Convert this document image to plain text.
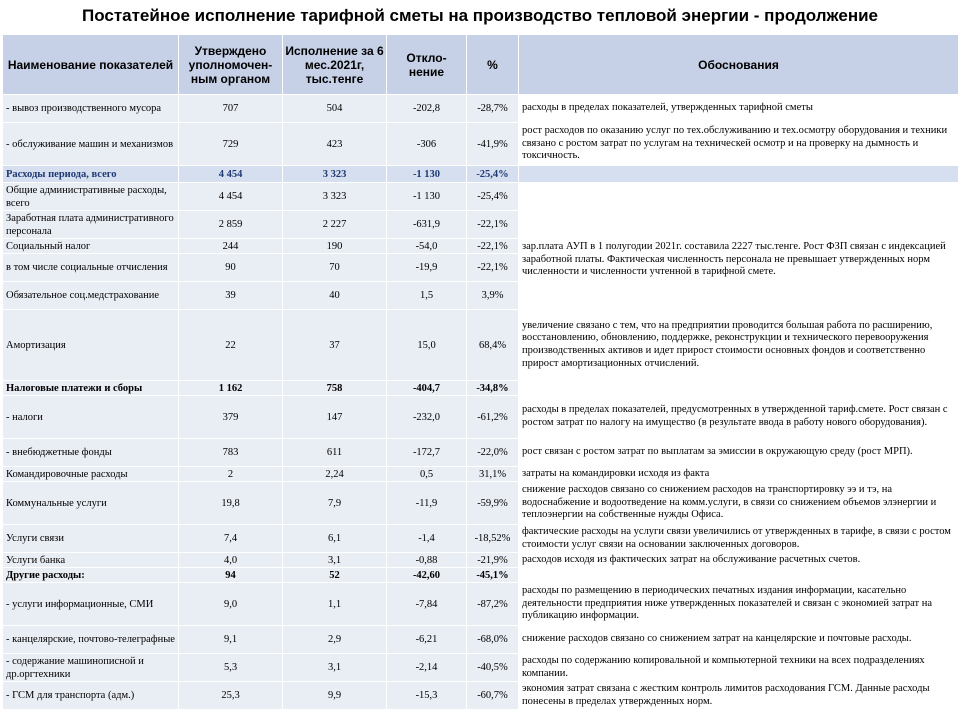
Постатейное исполнение тарифной сметы на производство тепловой энергии - продолжение
Наименование показателей	Утверждено уполномочен-ным органом	Исполнение за 6 мес.2021г, тыс.тенге	Откло-нение	%	Обоснования
- вывоз производственного мусора	707	504	-202,8	-28,7%	расходы в пределах показателей, утвержденных тарифной сметы
- обслуживание машин и механизмов	729	423	-306	-41,9%	рост расходов по оказанию услуг по тех.обслуживанию и тех.осмотру оборудования и техники связано с ростом затрат по услугам на техническей осмотр и на проверку на дымность и токсичность.
Расходы периода, всего	4 454	3 323	-1 130	-25,4%	
Общие административные расходы, всего	4 454	3 323	-1 130	-25,4%	
Заработная плата административного персонала	2 859	2 227	-631,9	-22,1%	зар.плата АУП в 1 полугодии 2021г. составила 2227 тыс.тенге. Рост ФЗП связан с индексацией заработной платы. Фактическая численность персонала не превышает утвержденных норм численности и численности учтенной в тарифной смете.
Социальный налог	244	190	-54,0	-22,1%	
в том числе социальные отчисления	90	70	-19,9	-22,1%	
Обязательное соц.медстрахование	39	40	1,5	3,9%	
Амортизация	22	37	15,0	68,4%	увеличение связано с тем, что на предприятии проводится большая работа по расширению, восстановлению, обновлению, поддержке, реконструкции и технического перевооружения производственных активов и идет прирост стоимости основных фондов и соответственно прирост амортизационных отчислений.
Налоговые платежи и сборы	1 162	758	-404,7	-34,8%	
- налоги	379	147	-232,0	-61,2%	расходы в пределах показателей, предусмотренных в утвержденной тариф.смете. Рост связан с ростом затрат по налогу на имущество (в результате ввода в работу нового оборудования).
- внебюджетные фонды	783	611	-172,7	-22,0%	рост связан с ростом затрат по выплатам за эмиссии в окружающую среду (рост МРП).
Командировочные расходы	2	2,24	0,5	31,1%	затраты на командировки исходя из факта
Коммунальные услуги	19,8	7,9	-11,9	-59,9%	снижение расходов связано со снижением расходов на транспортировку ээ и тэ, на водоснабжение и водоотведение на комм.услуги, в связи со снижением объемов элэнергии и теплоэнергии на собственные нужды Офиса.
Услуги связи	7,4	6,1	-1,4	-18,52%	фактические расходы на услуги связи увеличились от утвержденных в тарифе, в связи с ростом стоимости услуг связи на основании заключенных договоров.
Услуги банка	4,0	3,1	-0,88	-21,9%	расходов исходя из фактических затрат на обслуживание расчетных счетов.
Другие расходы:	94	52	-42,60	-45,1%	
- услуги информационные, СМИ	9,0	1,1	-7,84	-87,2%	расходы по размещению в периодических печатных издания информации, касательно деятельности предприятия ниже утвержденных показателей и связан с экономией затрат на публикацию информации.
- канцелярские, почтово-телеграфные	9,1	2,9	-6,21	-68,0%	снижение расходов связано со снижением затрат на канцелярские и почтовые расходы.
- содержание машинописной и др.оргтехники	5,3	3,1	-2,14	-40,5%	расходы по содержанию копировальной и компьютерной техники на всех подразделениях компании.
- ГСМ для транспорта (адм.)	25,3	9,9	-15,3	-60,7%	экономия затрат связана с жестким контроль лимитов расходования ГСМ. Данные расходы понесены в пределах утвержденных норм.
